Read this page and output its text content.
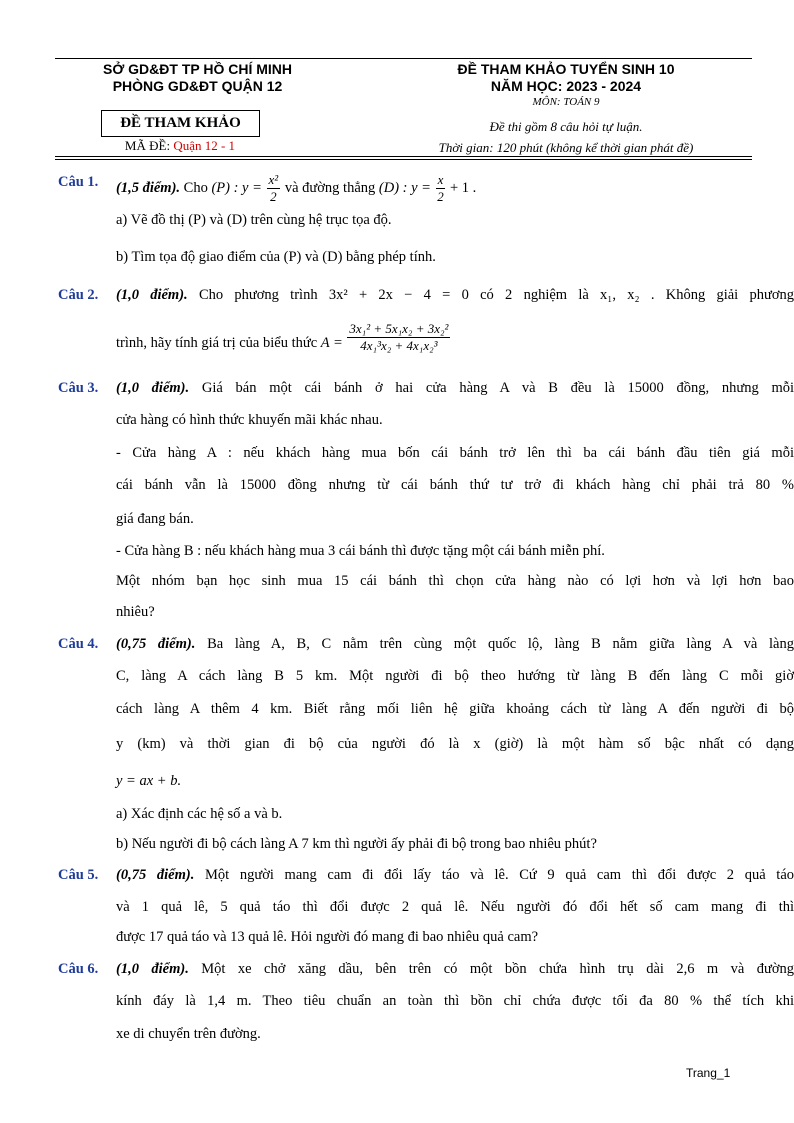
SỞ GD&ĐT TP HỒ CHÍ MINH
PHÒNG GD&ĐT QUẬN 12
ĐỀ THAM KHẢO TUYỂN SINH 10
NĂM HỌC: 2023 - 2024
MÔN: TOÁN 9
ĐỀ THAM KHẢO
MÃ ĐỀ: Quận 12 - 1
Đề thi gồm 8 câu hỏi tự luận.
Thời gian: 120 phút (không kể thời gian phát đề)
Câu 1. (1,5 điểm). Cho (P) : $y = \frac{\text{x²}}{2}$ và đường thẳng (D) : $y = \frac{x}{2} + 1$ .
a) Vẽ đồ thị (P) và (D) trên cùng hệ trục tọa độ.
b) Tìm tọa độ giao điểm của (P) và (D) bằng phép tính.
Câu 2. (1,0 điểm). Cho phương trình 3x² + 2x − 4 = 0 có 2 nghiệm là x₁, x₂ . Không giải phương
trình, hãy tính giá trị của biểu thức $A = \frac{\text{3x₁² + 5x₁x₂ + 3x₂²}}{\text{4x₁³x₂ + 4x₁x₂³}}$
Câu 3. (1,0 điểm). Giá bán một cái bánh ở hai cửa hàng A và B đều là 15000 đồng, nhưng mỗi
cửa hàng có hình thức khuyến mãi khác nhau.
- Cửa hàng A : nếu khách hàng mua bốn cái bánh trở lên thì ba cái bánh đầu tiên giá mỗi
cái bánh vẫn là 15000 đồng nhưng từ cái bánh thứ tư trở đi khách hàng chỉ phải trả 80 %
giá đang bán.
- Cửa hàng B : nếu khách hàng mua 3 cái bánh thì được tặng một cái bánh miễn phí.
Một nhóm bạn học sinh mua 15 cái bánh thì chọn cửa hàng nào có lợi hơn và lợi hơn bao
nhiêu?
Câu 4. (0,75 điểm). Ba làng A, B, C nằm trên cùng một quốc lộ, làng B nằm giữa làng A và làng
C, làng A cách làng B 5 km. Một người đi bộ theo hướng từ làng B đến làng C mỗi giờ
cách làng A thêm 4 km. Biết rằng mối liên hệ giữa khoảng cách từ làng A đến người đi bộ
y (km) và thời gian đi bộ của người đó là x (giờ) là một hàm số bậc nhất có dạng
y = ax + b.
a) Xác định các hệ số a và b.
b) Nếu người đi bộ cách làng A 7 km thì người ấy phải đi bộ trong bao nhiêu phút?
Câu 5. (0,75 điểm). Một người mang cam đi đổi lấy táo và lê. Cứ 9 quả cam thì đổi được 2 quả táo
và 1 quả lê, 5 quả táo thì đổi được 2 quả lê. Nếu người đó đổi hết số cam mang đi thì
được 17 quả táo và 13 quả lê. Hỏi người đó mang đi bao nhiêu quả cam?
Câu 6. (1,0 điểm). Một xe chở xăng dầu, bên trên có một bồn chứa hình trụ dài 2,6 m và đường
kính đáy là 1,4 m. Theo tiêu chuẩn an toàn thì bồn chỉ chứa được tối đa 80 % thể tích khi
xe di chuyển trên đường.
Trang_1
